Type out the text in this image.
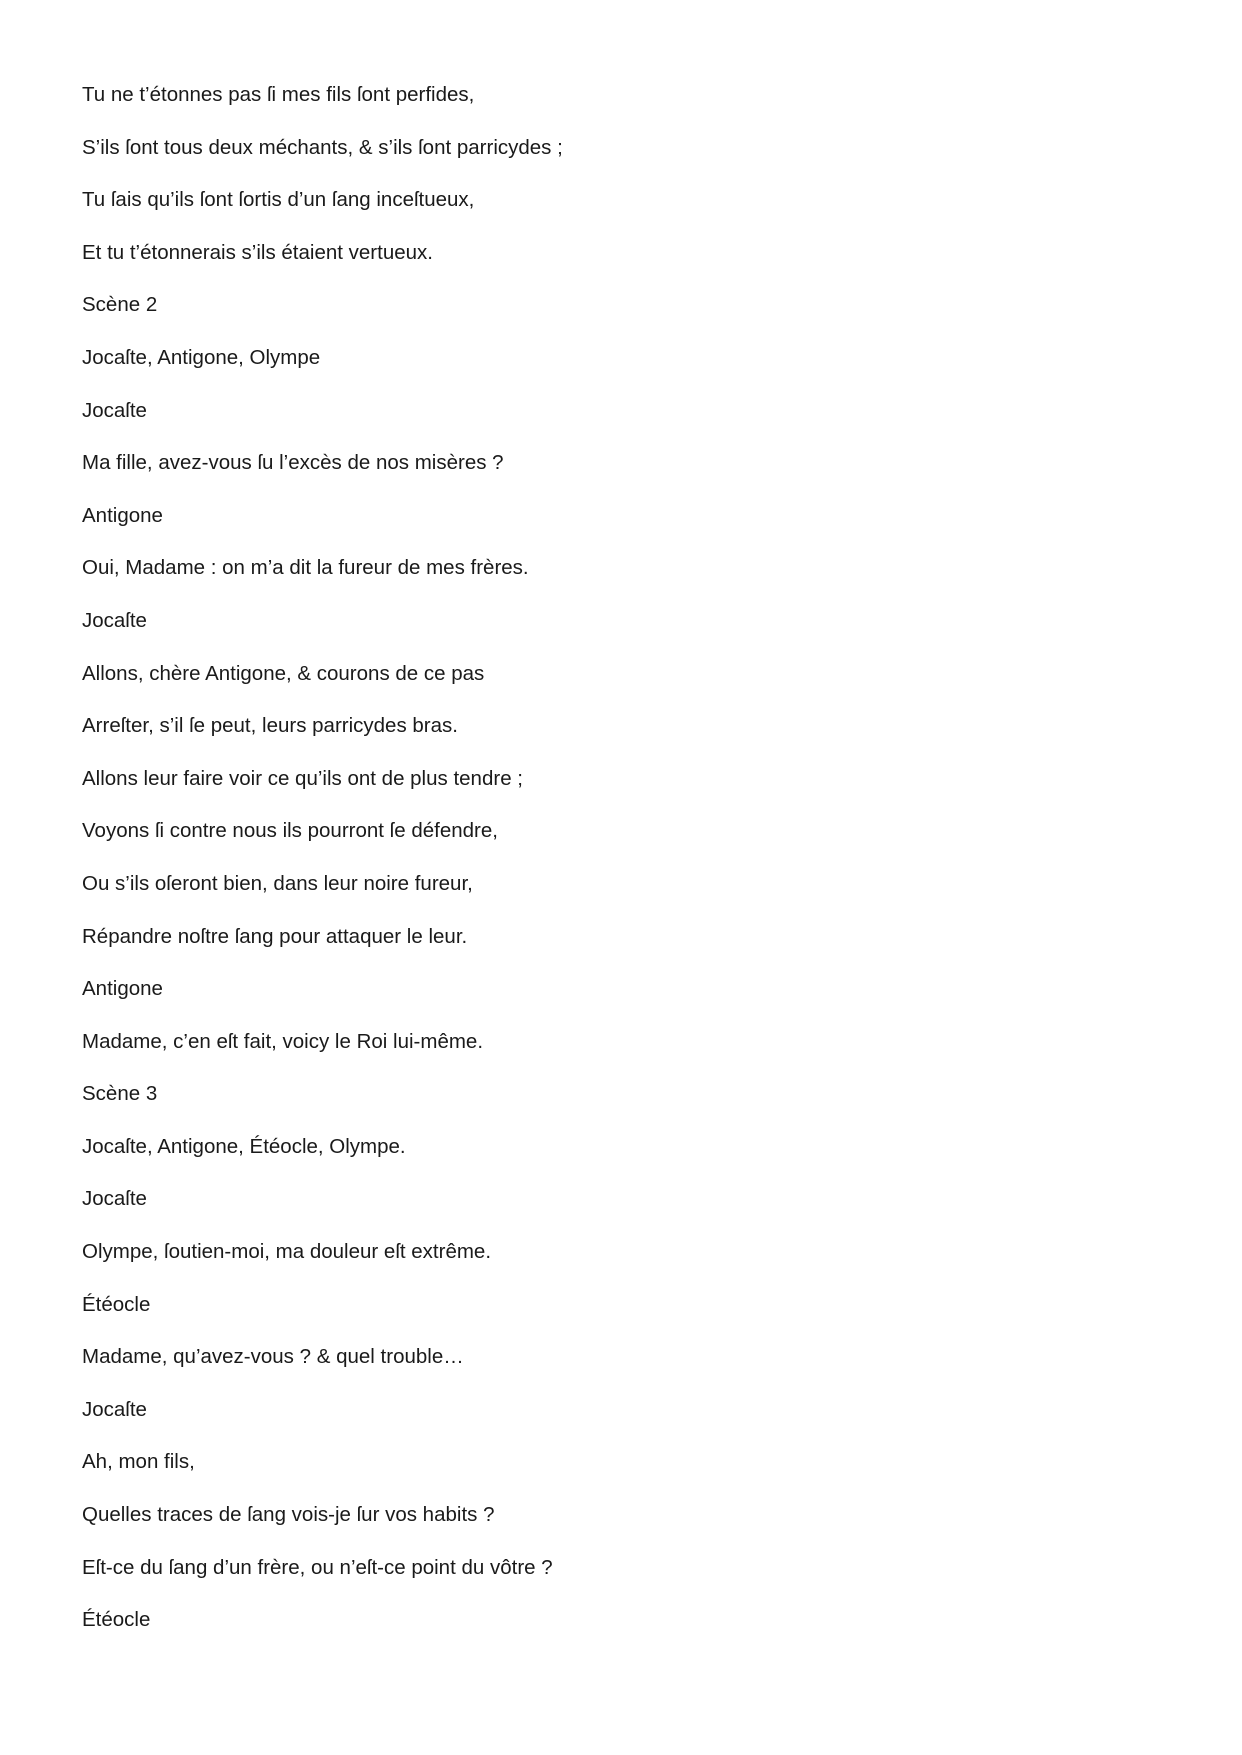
Tu ne t’étonnes pas ſi mes fils ſont perfides,
S’ils ſont tous deux méchants, & s’ils ſont parricydes ;
Tu ſais qu’ils ſont ſortis d’un ſang inceſtueux,
Et tu t’étonnerais s’ils étaient vertueux.
Scène 2
Jocaſte, Antigone, Olympe
Jocaſte
Ma fille, avez-vous ſu l’excès de nos misères ?
Antigone
Oui, Madame : on m’a dit la fureur de mes frères.
Jocaſte
Allons, chère Antigone, & courons de ce pas
Arreſter, s’il ſe peut, leurs parricydes bras.
Allons leur faire voir ce qu’ils ont de plus tendre ;
Voyons ſi contre nous ils pourront ſe défendre,
Ou s’ils oſeront bien, dans leur noire fureur,
Répandre noſtre ſang pour attaquer le leur.
Antigone
Madame, c’en eſt fait, voicy le Roi lui-même.
Scène 3
Jocaſte, Antigone, Étéocle, Olympe.
Jocaſte
Olympe, ſoutien-moi, ma douleur eſt extrême.
Étéocle
Madame, qu’avez-vous ? & quel trouble…
Jocaſte
Ah, mon fils,
Quelles traces de ſang vois-je ſur vos habits ?
Eſt-ce du ſang d’un frère, ou n’eſt-ce point du vôtre ?
Étéocle
